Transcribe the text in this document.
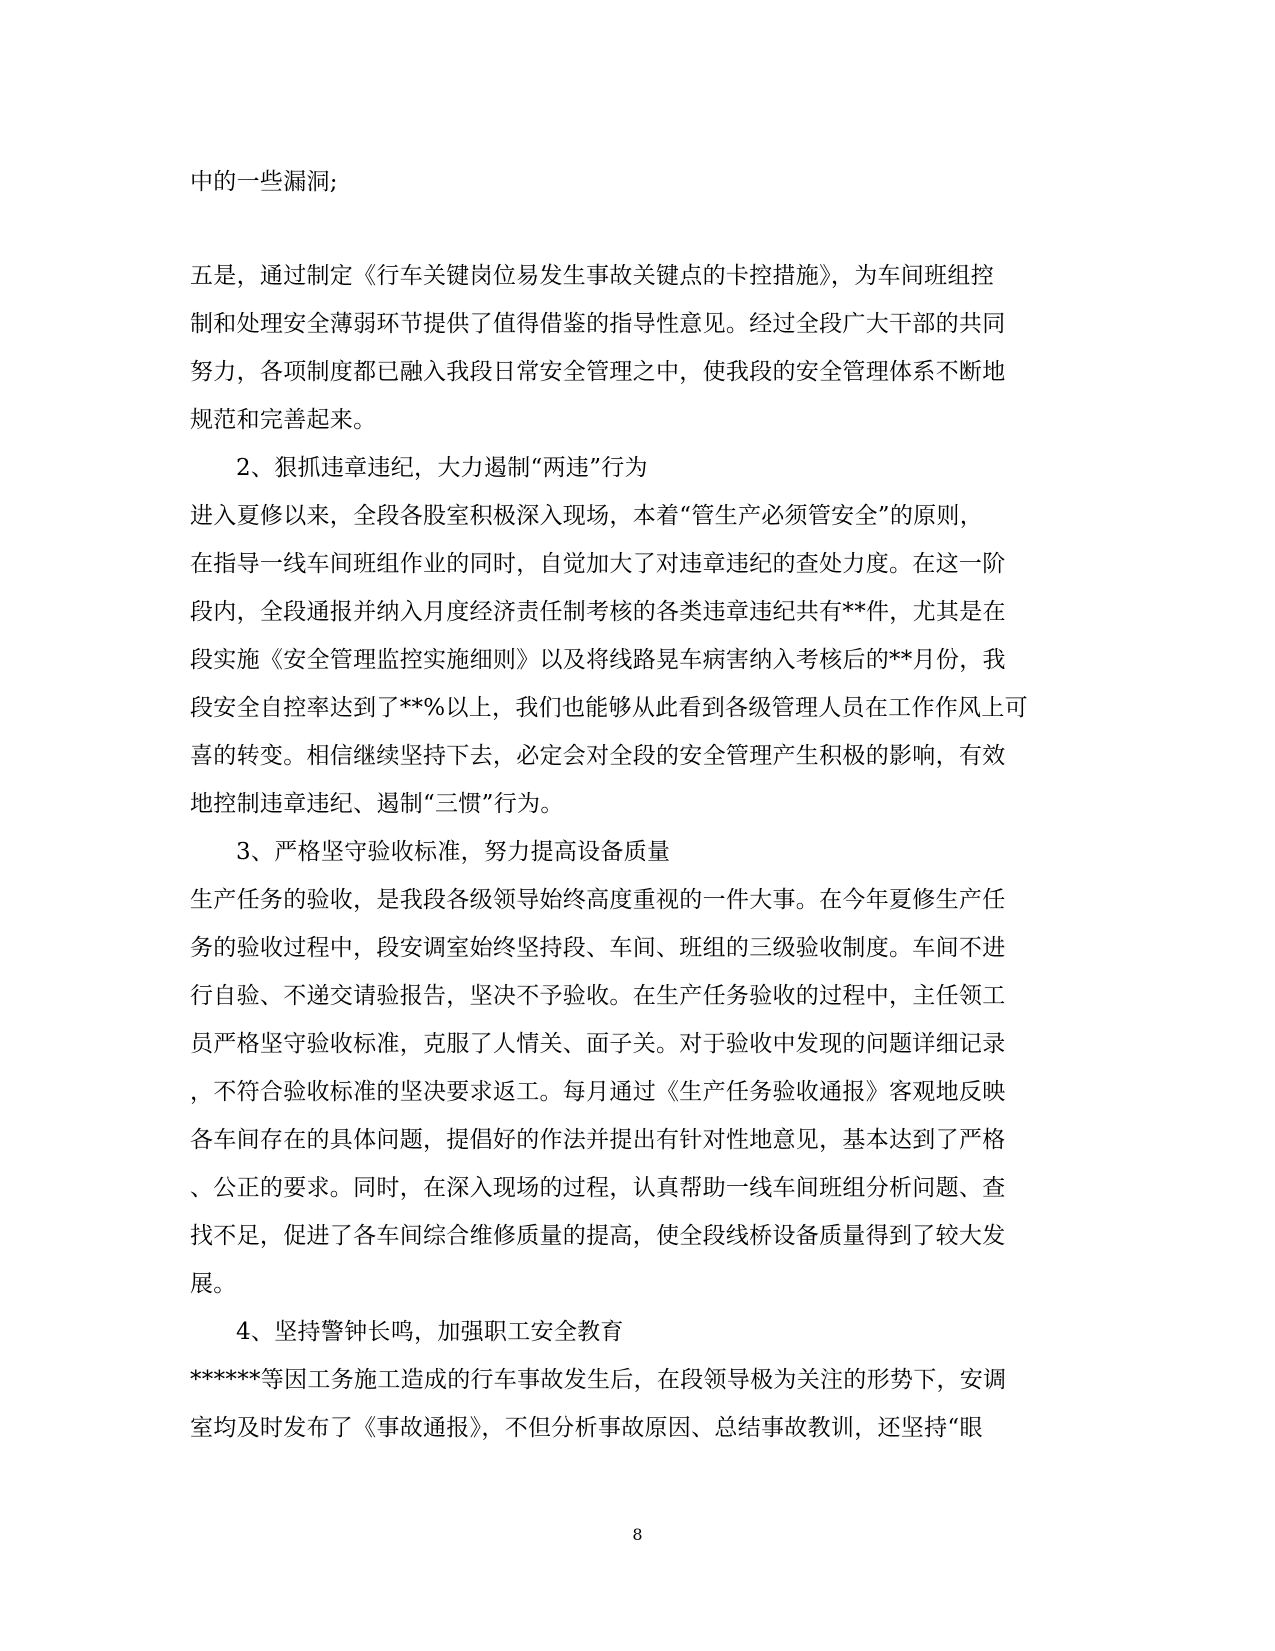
中的一些漏洞;
五是，通过制定《行车关键岗位易发生事故关键点的卡控措施》，为车间班组控
制和处理安全薄弱环节提供了值得借鉴的指导性意见。经过全段广大干部的共同
努力，各项制度都已融入我段日常安全管理之中，使我段的安全管理体系不断地
规范和完善起来。
2、狠抓违章违纪，大力遏制“两违”行为
进入夏修以来，全段各股室积极深入现场，本着“管生产必须管安全”的原则，
在指导一线车间班组作业的同时，自觉加大了对违章违纪的查处力度。在这一阶
段内，全段通报并纳入月度经济责任制考核的各类违章违纪共有**件，尤其是在
段实施《安全管理监控实施细则》以及将线路晃车病害纳入考核后的**月份，我
段安全自控率达到了**%以上，我们也能够从此看到各级管理人员在工作作风上可
喜的转变。相信继续坚持下去，必定会对全段的安全管理产生积极的影响，有效
地控制违章违纪、遏制“三惯”行为。
3、严格坚守验收标准，努力提高设备质量
生产任务的验收，是我段各级领导始终高度重视的一件大事。在今年夏修生产任
务的验收过程中，段安调室始终坚持段、车间、班组的三级验收制度。车间不进
行自验、不递交请验报告，坚决不予验收。在生产任务验收的过程中，主任领工
员严格坚守验收标准，克服了人情关、面子关。对于验收中发现的问题详细记录
，不符合验收标准的坚决要求返工。每月通过《生产任务验收通报》客观地反映
各车间存在的具体问题，提倡好的作法并提出有针对性地意见，基本达到了严格
、公正的要求。同时，在深入现场的过程，认真帮助一线车间班组分析问题、查
找不足，促进了各车间综合维修质量的提高，使全段线桥设备质量得到了较大发
展。
4、坚持警钟长鸣，加强职工安全教育
******等因工务施工造成的行车事故发生后，在段领导极为关注的形势下，安调
室均及时发布了《事故通报》，不但分析事故原因、总结事故教训，还坚持“眼
8
